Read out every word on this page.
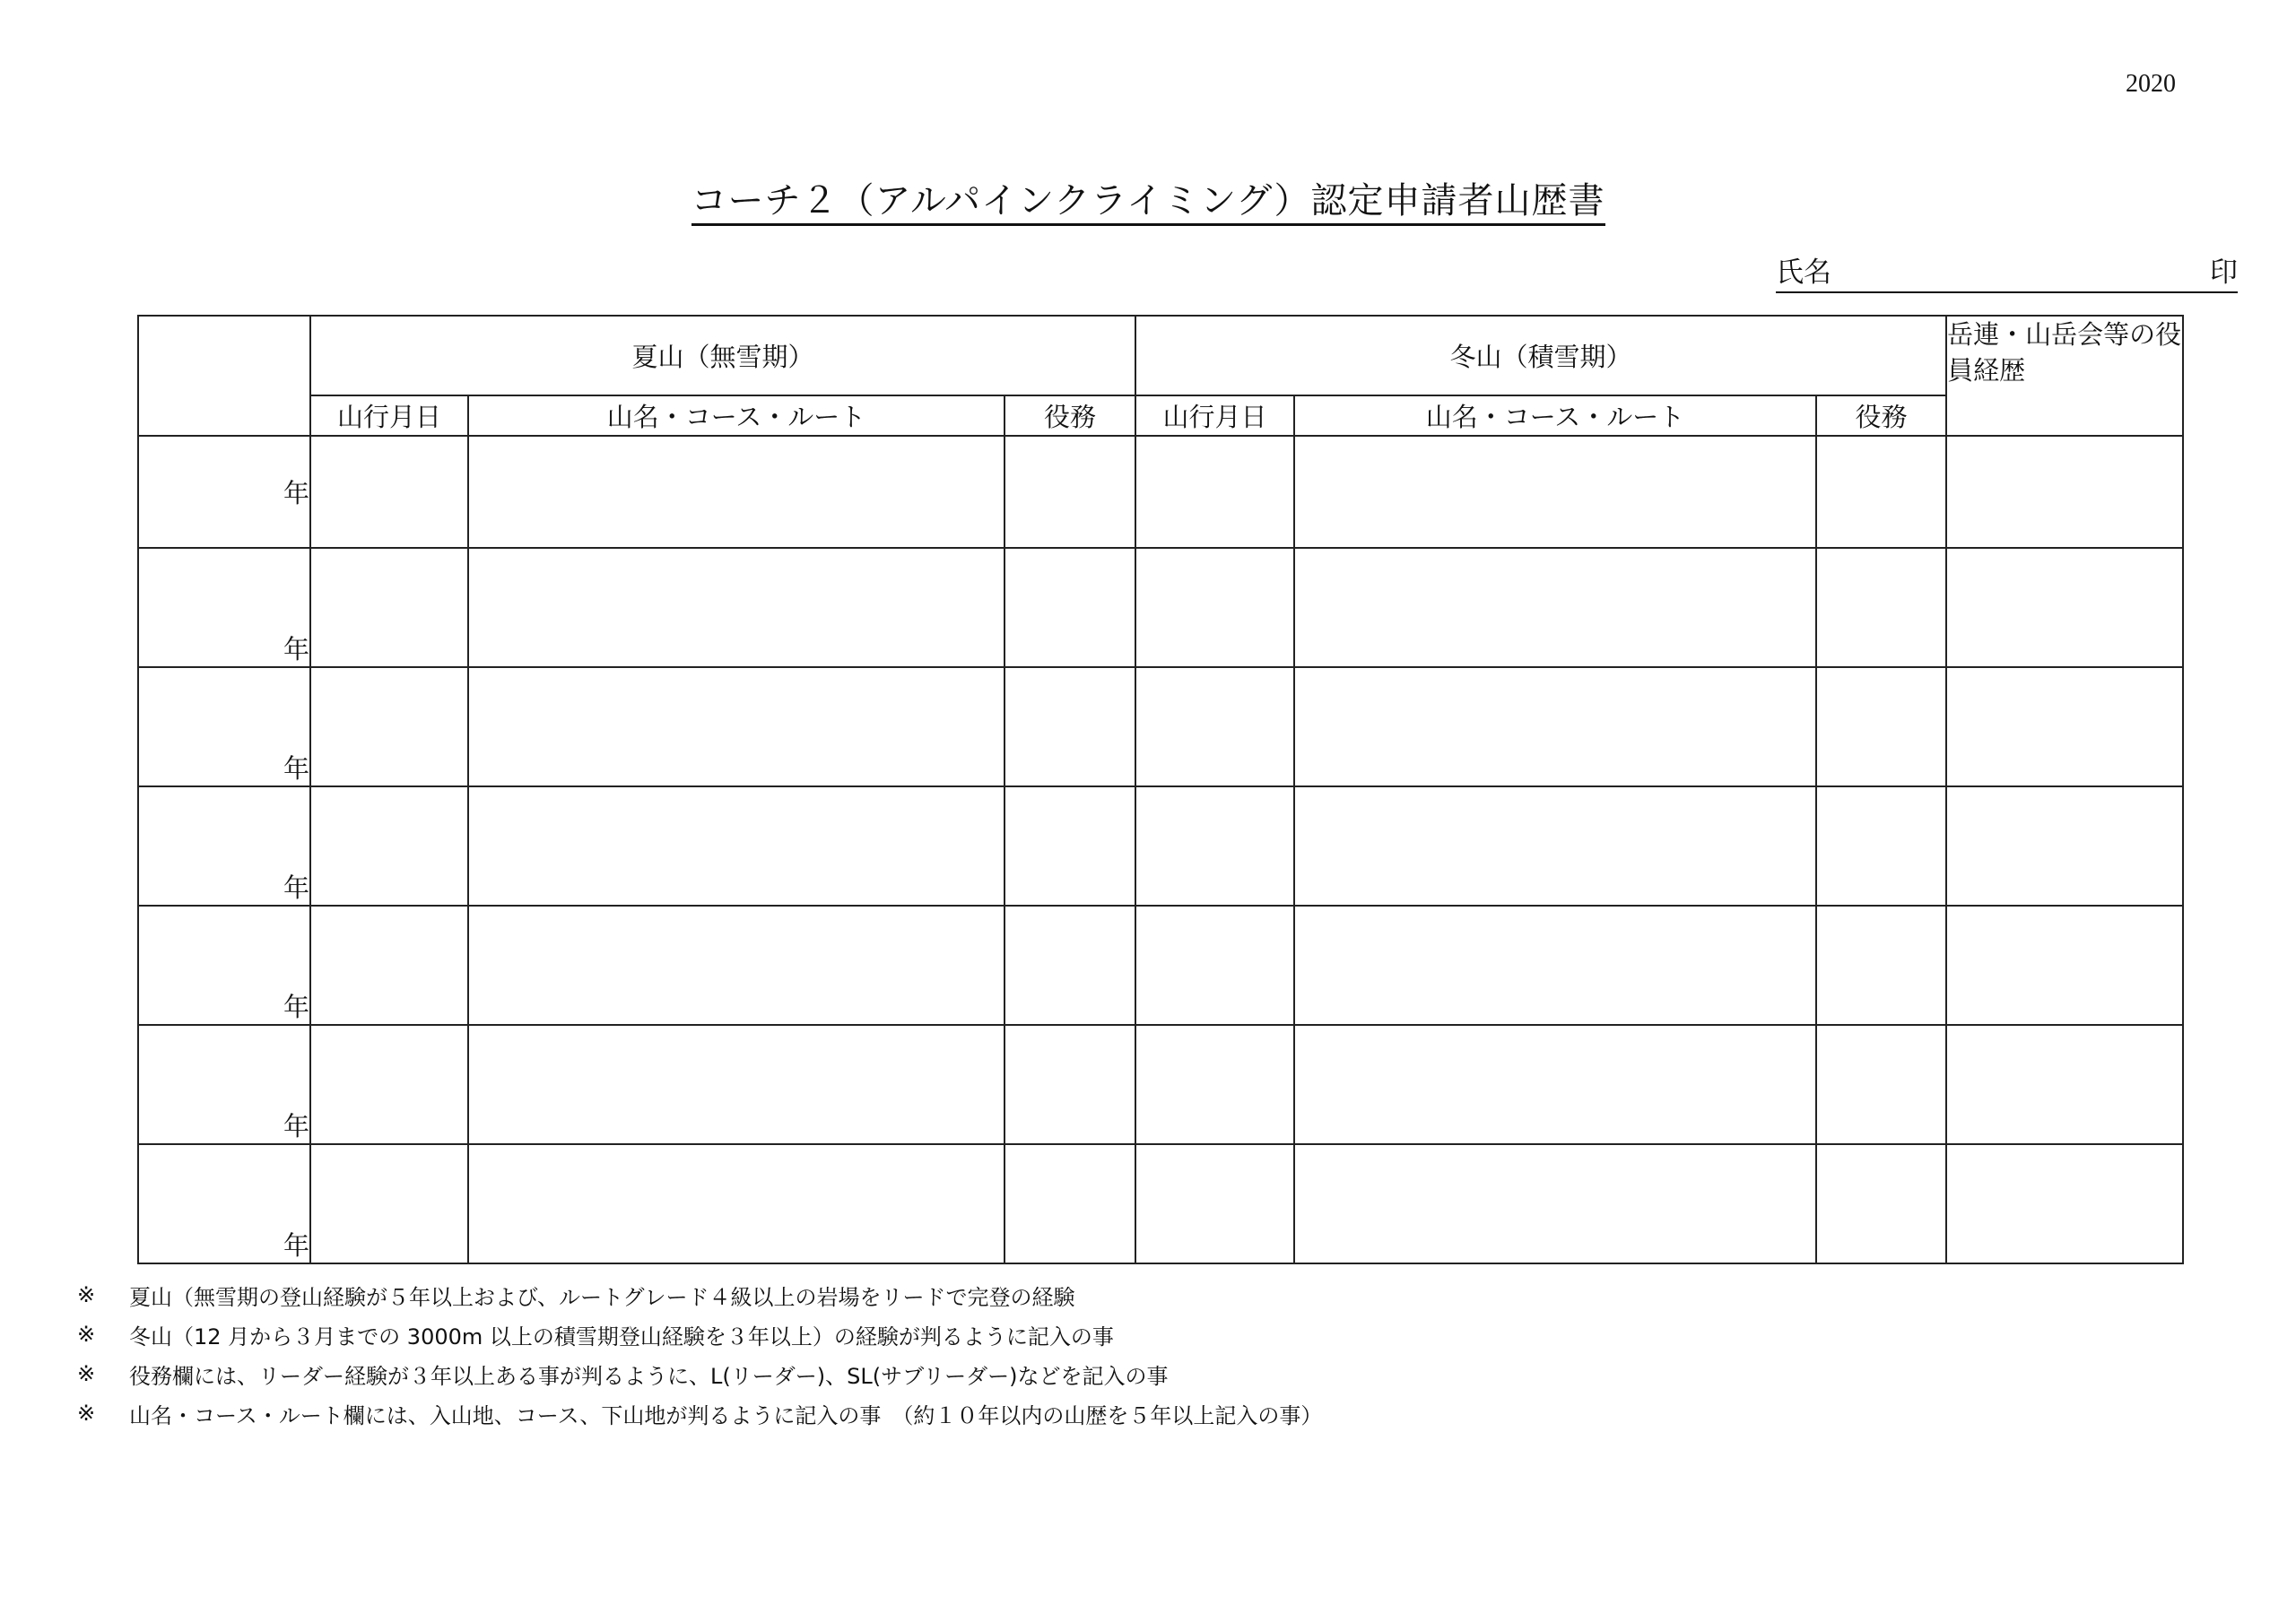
2020
コーチ２（アルパインクライミング）認定申請者山歴書
氏名	印
	夏山（無雪期）			冬山（積雪期）			岳連・山岳会等の役員経歴
	山行月日	山名・コース・ルート	役務	山行月日	山名・コース・ルート	役務	
年							
年							
年							
年							
年							
年							
年							
※	夏山（無雪期の登山経験が５年以上および、ルートグレード４級以上の岩場をリードで完登の経験
※	冬山（12 月から３月までの 3000m 以上の積雪期登山経験を３年以上）の経験が判るように記入の事
※	役務欄には、リーダー経験が３年以上ある事が判るように、L(リーダー)、SL(サブリーダー)などを記入の事
※	山名・コース・ルート欄には、入山地、コース、下山地が判るように記入の事　（約１０年以内の山歴を５年以上記入の事）
